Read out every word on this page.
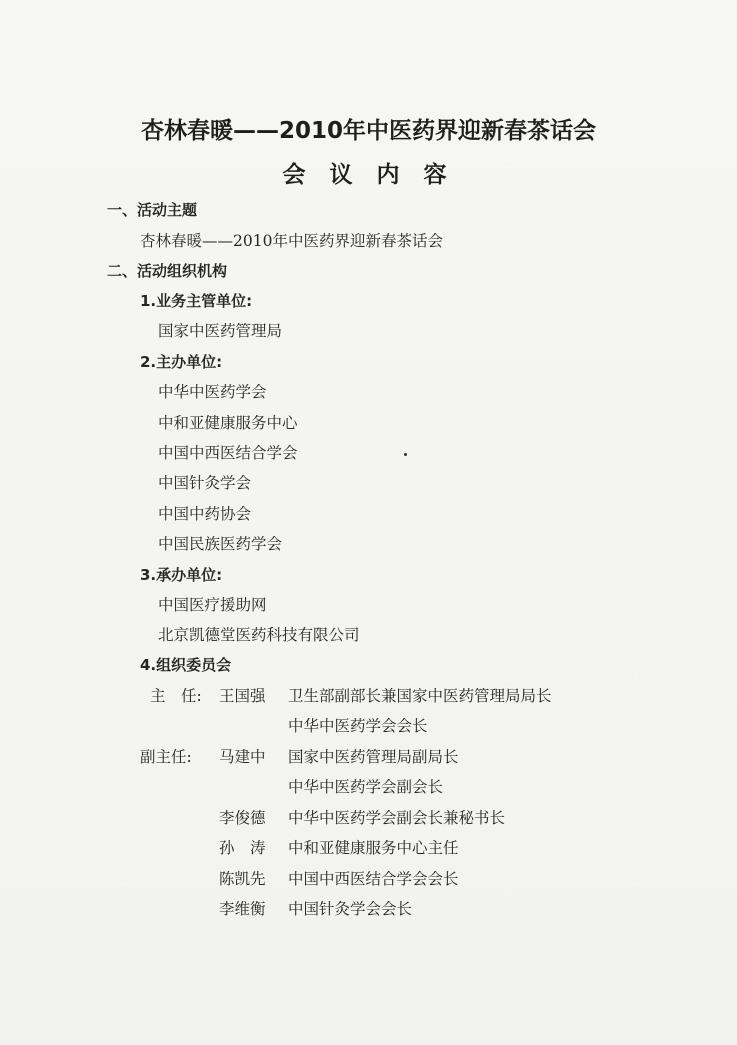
杏林春暖——2010年中医药界迎新春茶话会
会 议 内 容
一、活动主题
杏林春暖——2010年中医药界迎新春茶话会
二、活动组织机构
1.业务主管单位:
国家中医药管理局
2.主办单位:
中华中医药学会
中和亚健康服务中心
中国中西医结合学会
中国针灸学会
中国中药协会
中国民族医药学会
3.承办单位:
中国医疗援助网
北京凯德堂医药科技有限公司
4.组织委员会
主　任: 王国强 卫生部副部长兼国家中医药管理局局长
中华中医药学会会长
副主任: 马建中 国家中医药管理局副局长
中华中医药学会副会长
李俊德 中华中医药学会副会长兼秘书长
孙　涛 中和亚健康服务中心主任
陈凯先 中国中西医结合学会会长
李维衡 中国针灸学会会长
